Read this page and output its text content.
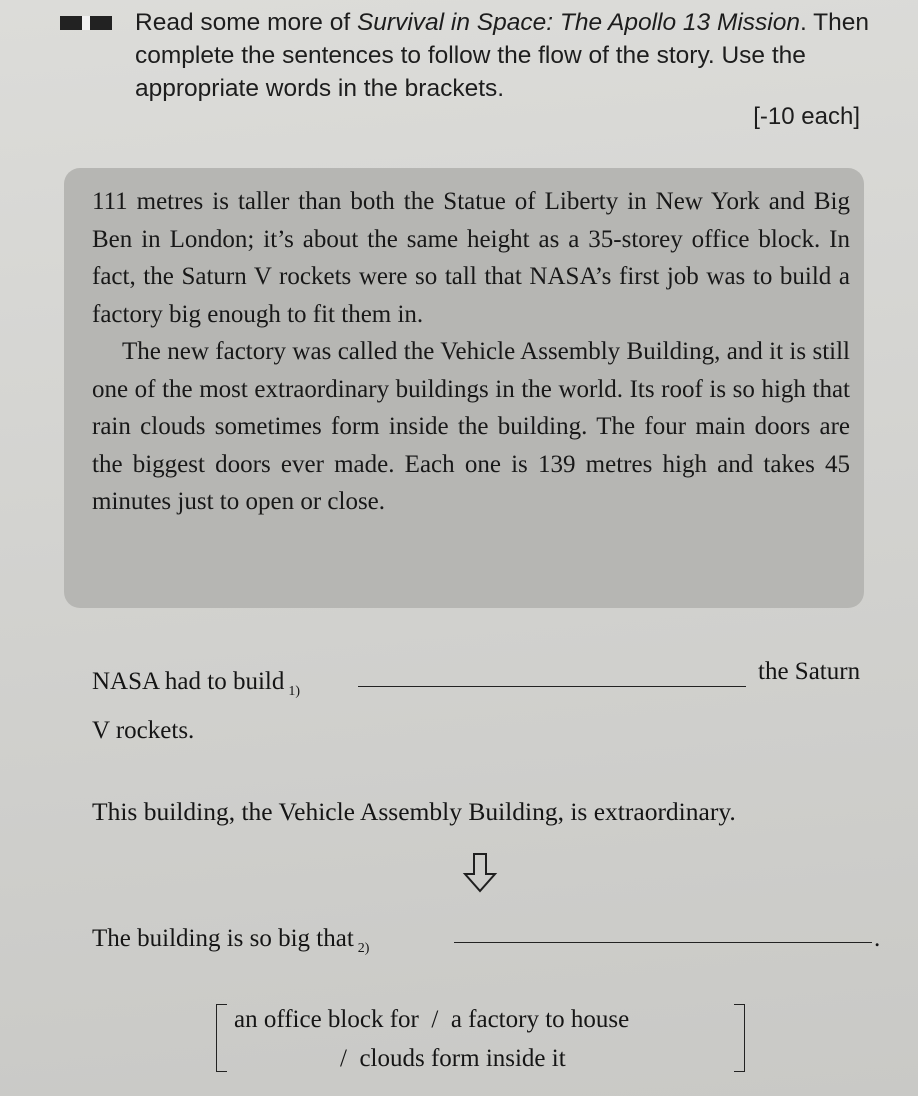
Read some more of Survival in Space: The Apollo 13 Mission. Then complete the sentences to follow the flow of the story. Use the appropriate words in the brackets.
[-10 each]

111 metres is taller than both the Statue of Liberty in New York and Big Ben in London; it’s about the same height as a 35-storey office block. In fact, the Saturn V rockets were so tall that NASA’s first job was to build a factory big enough to fit them in.

The new factory was called the Vehicle Assembly Building, and it is still one of the most extraordinary buildings in the world. Its roof is so high that rain clouds sometimes form inside the building. The four main doors are the biggest doors ever made. Each one is 139 metres high and takes 45 minutes just to open or close.

NASA had to build $_{1)}$
the Saturn
V rockets.
This building, the Vehicle Assembly Building, is extraordinary.
The building is so big that $_{2)}$	.
an office block for  /  a factory to house
/  clouds form inside it
